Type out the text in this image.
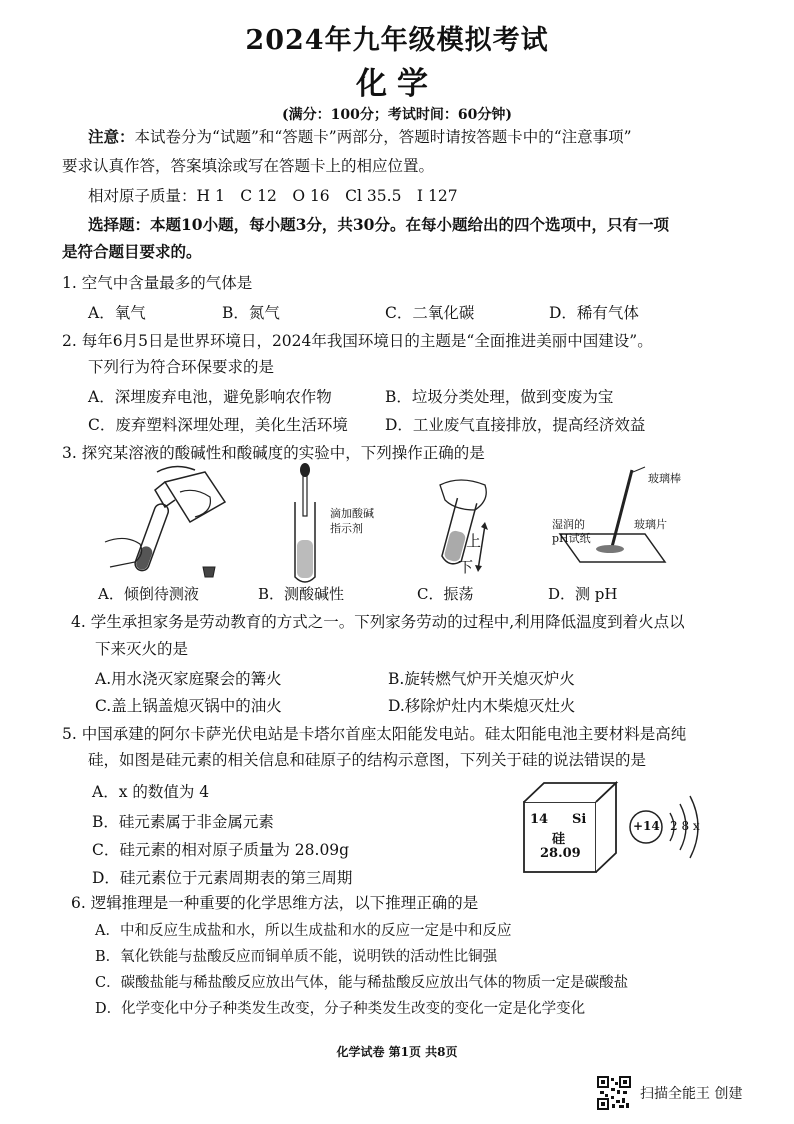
2024年九年级模拟考试
化学
(满分：100分；考试时间：60分钟)
注意：本试卷分为“试题”和“答题卡”两部分，答题时请按答题卡中的“注意事项”
要求认真作答，答案填涂或写在答题卡上的相应位置。
相对原子质量：H 1　C 12　O 16　Cl 35.5　I 127
选择题：本题10小题，每小题3分，共30分。在每小题给出的四个选项中，只有一项
是符合题目要求的。
1. 空气中含量最多的气体是
A．氧气	B．氮气	C．二氧化碳	D．稀有气体
2. 每年6月5日是世界环境日，2024年我国环境日的主题是“全面推进美丽中国建设”。
下列行为符合环保要求的是
A．深埋废弃电池，避免影响农作物	B．垃圾分类处理，做到变废为宝
C．废弃塑料深埋处理，美化生活环境 D．工业废气直接排放，提高经济效益
3. 探究某溶液的酸碱性和酸碱度的实验中，下列操作正确的是
滴加酸碱
指示剂
上
下
玻璃棒
湿润的
pH试纸
玻璃片
A．倾倒待测液	B．测酸碱性	C．振荡	D．测 pH
4. 学生承担家务是劳动教育的方式之一。下列家务劳动的过程中,利用降低温度到着火点以
下来灭火的是
A.用水浇灭家庭聚会的篝火	B.旋转燃气炉开关熄灭炉火
C.盖上锅盖熄灭锅中的油火	D.移除炉灶内木柴熄灭灶火
5. 中国承建的阿尔卡萨光伏电站是卡塔尔首座太阳能发电站。硅太阳能电池主要材料是高纯
硅，如图是硅元素的相关信息和硅原子的结构示意图，下列关于硅的说法错误的是
A．x 的数值为 4
B．硅元素属于非金属元素
C．硅元素的相对原子质量为 28.09g
D．硅元素位于元素周期表的第三周期
14 Si
硅
28.09
+14 2 8 x
6. 逻辑推理是一种重要的化学思维方法，以下推理正确的是
A．中和反应生成盐和水，所以生成盐和水的反应一定是中和反应
B．氧化铁能与盐酸反应而铜单质不能，说明铁的活动性比铜强
C．碳酸盐能与稀盐酸反应放出气体，能与稀盐酸反应放出气体的物质一定是碳酸盐
D．化学变化中分子种类发生改变，分子种类发生改变的变化一定是化学变化
化学试卷 第1页 共8页
扫描全能王 创建
